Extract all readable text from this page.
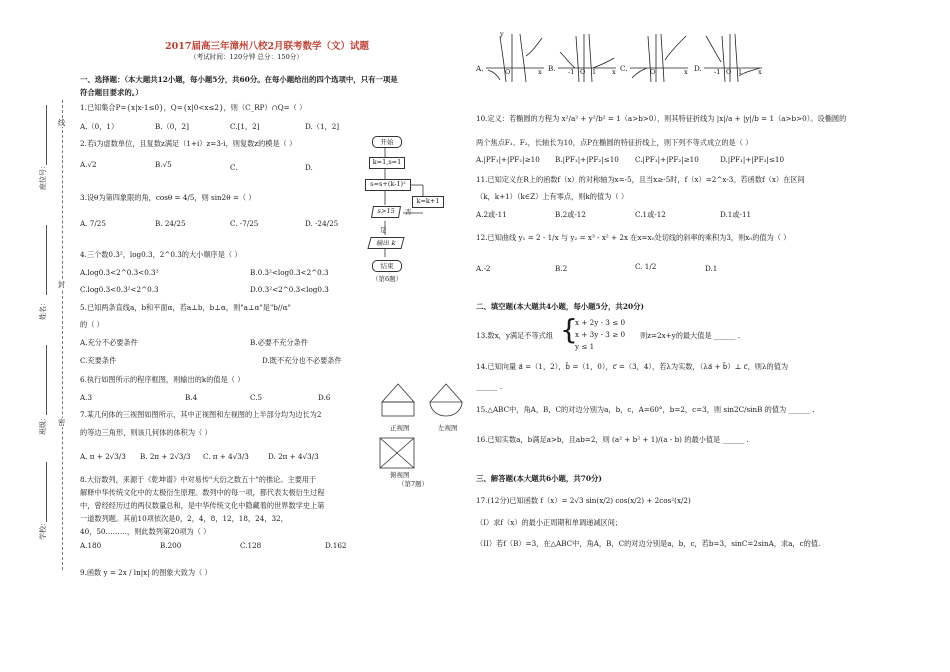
线
封
密
座位号：
姓名：
班级：
学校：
2017届高三年漳州八校2月联考数学（文）试题
（考试时间：120分钟 总分：150分）
一、选择题：（本大题共12小题，每小题5分，共60分。在每小题给出的四个选项中，只有一项是
符合题目要求的。）
1.已知集合P={x|x-1≤0}，Q={x|0<x≤2}，则（C_RP）∩Q=（ ）
A.（0，1）	B.（0，2]	C.[1，2]	D.（1，2]
2.若i为虚数单位，且复数z满足（1+i）z=3-i，则复数z的模是（ ）
A.√2	B.√5	C.	D.
3.设θ为第四象限的角，cosθ = 4/5，则 sin2θ =（ ）
A. 7/25	B. 24/25	C. -7/25	D. -24/25
4.三个数0.3²，log0.3，2^0.3的大小顺序是（ ）
A.log0.3<2^0.3<0.3²	B.0.3²<log0.3<2^0.3
C.log0.3<0.3²<2^0.3	D.0.3²<2^0.3<log0.3
5.已知两条直线a，b和平面α，若a⊥b，b⊥α，则"a⊥α"是"b//α"
的（ ）
A.充分不必要条件	B.必要不充分条件
C.充要条件	D.既不充分也不必要条件
6.执行如图所示的程序框图，则输出的k的值是（ ）
A.3	B.4	C.5	D.6
7.某几何体的三视图如图所示，其中正视图和左视图的上半部分均为边长为2
的等边三角形，则该几何体的体积为（ ）
A. π + 2√3/3 B. 2π + 2√3/3 C. π + 4√3/3	D. 2π + 4√3/3
8.大衍数列，来源于《乾坤谱》中对易传"大衍之数五十"的推论。主要用于
解释中华传统文化中的太极衍生原理。数列中的每一项，都代表太极衍生过程
中，曾经经历过的两仪数量总和，是中华传统文化中隐藏着的世界数学史上第
一道数列题。其前10项依次是0，2，4，8，12，18，24，32，
40，50………，则此数列第20项为（ ）
A.180	B.200	C.128	D.162
9.函数 y = 2x / ln|x| 的图象大致为（ ）
开始
k=1,s=1
s=s+(k-1)²
s>15	否
k=k+1
是
输出 k
结束
（第6题）
正视图	左视图
俯视图
（第7题）
A.	O	x
y
B. -1 O 1 x C.	O	x D. -1 O 1 x
10.定义：若椭圆的方程为 x²/a² + y²/b² = 1（a>b>0），则其特征折线为 |x|/a + |y|/b = 1（a>b>0）。设椭圆的
两个焦点F₁、F₂，长轴长为10，点P在椭圆的特征折线上，则下列不等式成立的是（ ）
A.|PF₁|+|PF₂|≥10 B.|PF₁|+|PF₂|≤10 C.|PF₁|+|PF₂|≥10	D.|PF₁|+|PF₂|≤10
11.已知定义在R上的函数f（x）的对称轴为x=-5，且当x≥-5时，f（x）=2^x-3。若函数f（x）在区间
（k，k+1）（k∈Z）上有零点，则k的值为（ ）
A.2或-11	B.2或-12	C.1或-12	D.1或-11
12.已知曲线 y₁ = 2 - 1/x 与 y₂ = x³ - x² + 2x 在x=x₀处切线的斜率的乘积为3，则x₀的值为（ ）
A.-2	B.2	C. 1/2	D.1
二、填空题(本大题共4小题，每小题5分，共20分)
13.数x，y满足不等式组 {
x + 2y - 3 ≤ 0
x + 3y - 3 ≥ 0
y ≤ 1
则z=2x+y的最大值是 ______ .
14.已知向量 a⃗ =（1，2），b⃗ =（1，0），c⃗ =（3，4），若λ为实数，（λa⃗ + b⃗）⊥ c⃗，则λ的值为
______ .
15.△ABC中，角A，B，C的对边分别为a，b，c，A=60°，b=2，c=3，则 sin2C/sinB 的值为 ______ .
16.已知实数a，b满足a>b，且ab=2，则 (a² + b² + 1)/(a - b) 的最小值是 ______ .
三、解答题(本大题共6小题，共70分)
17.(12分)已知函数 f（x）= 2√3 sin(x/2) cos(x/2) + 2cos²(x/2)
（I）求f（x）的最小正周期和单调递减区间；
（II）若f（B）=3，在△ABC中，角A，B，C的对边分别是a，b，c，若b=3，sinC=2sinA，求a，c的值.
